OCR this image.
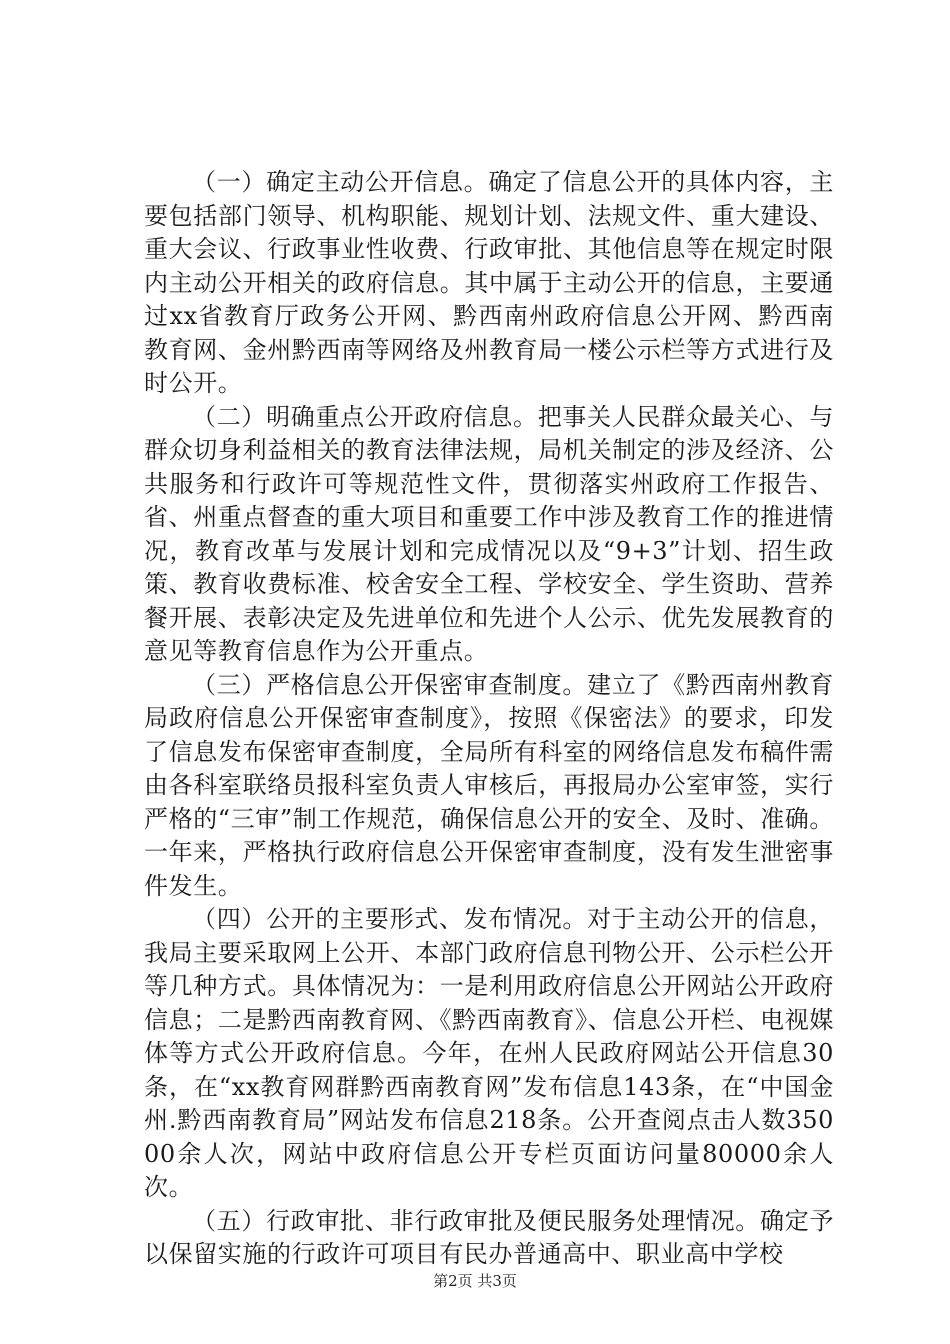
（一）确定主动公开信息。确定了信息公开的具体内容，主要包括部门领导、机构职能、规划计划、法规文件、重大建设、重大会议、行政事业性收费、行政审批、其他信息等在规定时限内主动公开相关的政府信息。其中属于主动公开的信息，主要通过xx省教育厅政务公开网、黔西南州政府信息公开网、黔西南教育网、金州黔西南等网络及州教育局一楼公示栏等方式进行及时公开。

（二）明确重点公开政府信息。把事关人民群众最关心、与群众切身利益相关的教育法律法规，局机关制定的涉及经济、公共服务和行政许可等规范性文件，贯彻落实州政府工作报告、省、州重点督查的重大项目和重要工作中涉及教育工作的推进情况，教育改革与发展计划和完成情况以及“9+3”计划、招生政策、教育收费标准、校舍安全工程、学校安全、学生资助、营养餐开展、表彰决定及先进单位和先进个人公示、优先发展教育的意见等教育信息作为公开重点。

（三）严格信息公开保密审查制度。建立了《黔西南州教育局政府信息公开保密审查制度》，按照《保密法》的要求，印发了信息发布保密审查制度，全局所有科室的网络信息发布稿件需由各科室联络员报科室负责人审核后，再报局办公室审签，实行严格的“三审”制工作规范，确保信息公开的安全、及时、准确。一年来，严格执行政府信息公开保密审查制度，没有发生泄密事件发生。

（四）公开的主要形式、发布情况。对于主动公开的信息，我局主要采取网上公开、本部门政府信息刊物公开、公示栏公开等几种方式。具体情况为：一是利用政府信息公开网站公开政府信息；二是黔西南教育网、《黔西南教育》、信息公开栏、电视媒体等方式公开政府信息。今年，在州人民政府网站公开信息30条，在“xx教育网群黔西南教育网”发布信息143条，在“中国金州.黔西南教育局”网站发布信息218条。公开查阅点击人数35000余人次，网站中政府信息公开专栏页面访问量80000余人次。

（五）行政审批、非行政审批及便民服务处理情况。确定予以保留实施的行政许可项目有民办普通高中、职业高中学校

第2页 共3页
